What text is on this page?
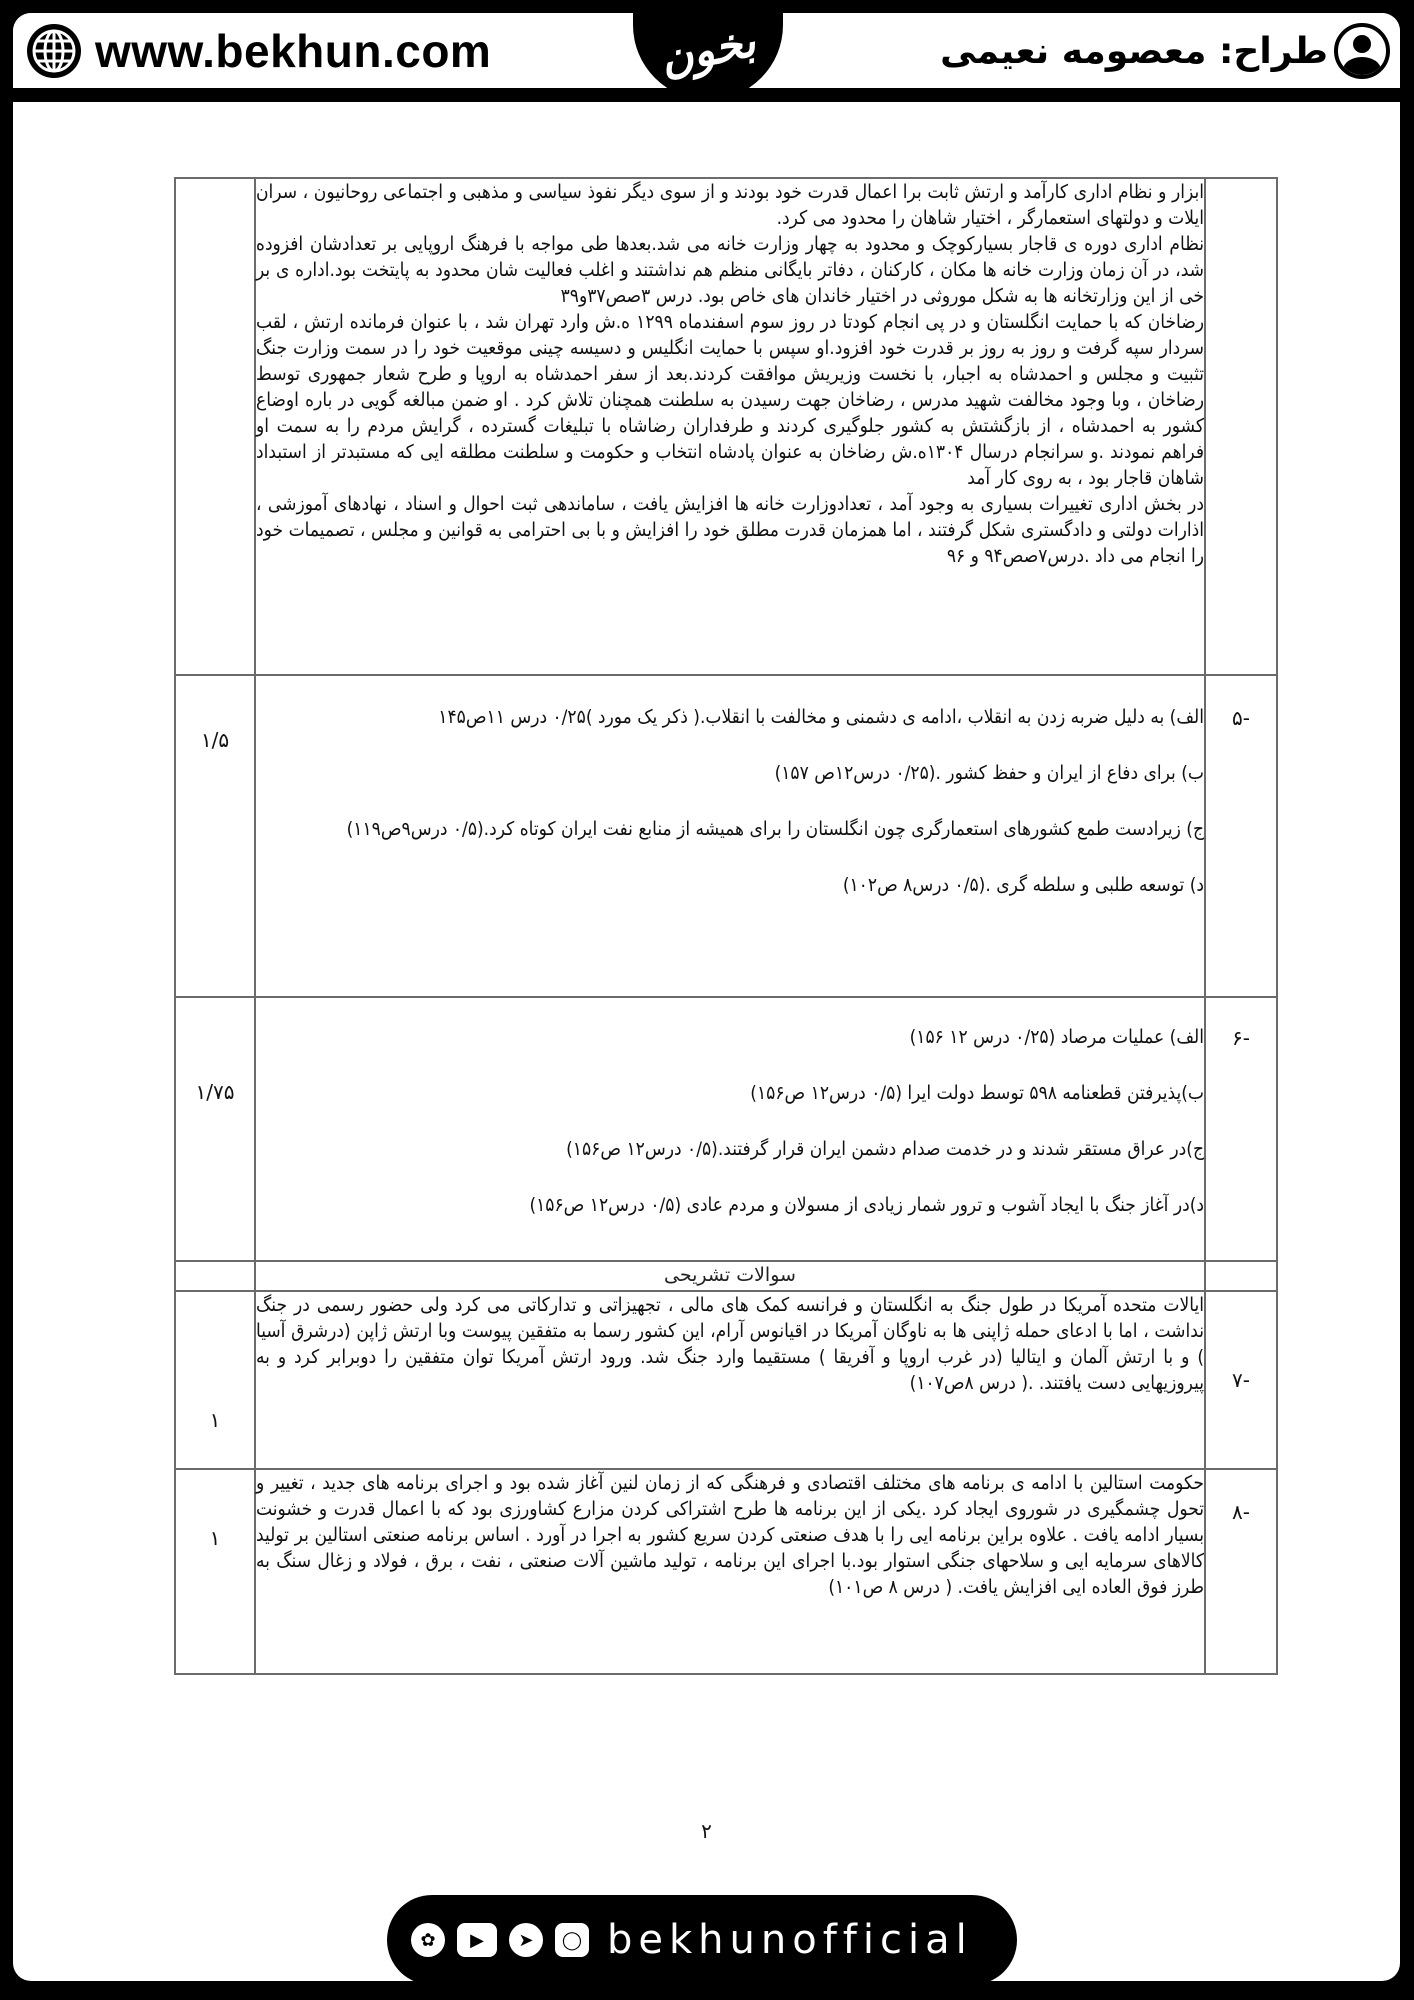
www.bekhun.com	طراح: معصومه نعیمی
بخون

	ابزار و نظام اداری کارآمد و ارتش ثابت برا اعمال قدرت خود بودند و از سوی دیگر نفوذ سیاسی و مذهبی و اجتماعی روحانیون ، سران ایلات و دولتهای استعمارگر ، اختیار شاهان را محدود می کرد.

نظام اداری دوره ی قاجار بسیارکوچک و محدود به چهار وزارت خانه می شد.بعدها طی مواجه با فرهنگ اروپایی بر تعدادشان افزوده شد، در آن زمان وزارت خانه ها مکان ، کارکنان ، دفاتر بایگانی منظم هم نداشتند و اغلب فعالیت شان محدود به پایتخت بود.اداره ی بر خی از این وزارتخانه ها به شکل موروثی در اختیار خاندان های خاص بود. درس ۳صص۳۷و۳۹

رضاخان که با حمایت انگلستان و در پی انجام کودتا در روز سوم اسفندماه ۱۲۹۹ ه.ش وارد تهران شد ، با عنوان فرمانده ارتش ، لقب سردار سپه گرفت و روز به روز بر قدرت خود افزود.او سپس با حمایت انگلیس و دسیسه چینی موقعیت خود را در سمت وزارت جنگ تثبیت و مجلس و احمدشاه به اجبار، با نخست وزیریش موافقت کردند.بعد از سفر احمدشاه به اروپا و طرح شعار جمهوری توسط رضاخان ، وبا وجود مخالفت شهید مدرس ، رضاخان جهت رسیدن به سلطنت همچنان تلاش کرد . او ضمن مبالغه گویی در باره اوضاع کشور به احمدشاه ، از بازگشتش به کشور جلوگیری کردند و طرفداران رضاشاه با تبلیغات گسترده ، گرایش مردم را به سمت او فراهم نمودند .و سرانجام درسال ۱۳۰۴ه.ش رضاخان به عنوان پادشاه انتخاب و حکومت و سلطنت مطلقه ایی که مستبدتر از استبداد شاهان قاجار بود ، به روی کار آمد

در بخش اداری تغییرات بسیاری به وجود آمد ، تعدادوزارت خانه ها افزایش یافت ، ساماندهی ثبت احوال و اسناد ، نهادهای آموزشی ، اذارات دولتی و دادگستری شکل گرفتند ، اما همزمان قدرت مطلق خود را افزایش و با بی احترامی به قوانین و مجلس ، تصمیمات خود را انجام می داد .درس۷صص۹۴ و ۹۶	

-۵	الف) به دلیل ضربه زدن به انقلاب ،ادامه ی دشمنی و مخالفت با انقلاب.( ذکر یک مورد )۰/۲۵ درس ۱۱ص۱۴۵

ب) برای دفاع از ایران و حفظ کشور .(۰/۲۵ درس۱۲ص ۱۵۷)

ج) زیرادست طمع کشورهای استعمارگری چون انگلستان را برای همیشه از منابع نفت ایران کوتاه کرد.(۰/۵ درس۹ص۱۱۹)

د) توسعه طلبی و سلطه گری .(۰/۵ درس۸ ص۱۰۲)	۱/۵
-۶	الف) عملیات مرصاد (۰/۲۵ درس ۱۲ ۱۵۶)

ب)پذیرفتن قطعنامه ۵۹۸ توسط دولت ایرا (۰/۵ درس۱۲ ص۱۵۶)

ج)در عراق مستقر شدند و در خدمت صدام دشمن ایران قرار گرفتند.(۰/۵ درس۱۲ ص۱۵۶)

د)در آغاز جنگ با ایجاد آشوب و ترور شمار زیادی از مسولان و مردم عادی (۰/۵ درس۱۲ ص۱۵۶)	۱/۷۵
	سوالات تشریحی	
-۷	ایالات متحده آمریکا در طول جنگ به انگلستان و فرانسه کمک های مالی ، تجهیزاتی و تدارکاتی می کرد ولی حضور رسمی در جنگ نداشت ، اما با ادعای حمله ژاپنی ها به ناوگان آمریکا در اقیانوس آرام، این کشور رسما به متفقین پیوست وبا ارتش ژاپن (درشرق آسیا ) و با ارتش آلمان و ایتالیا (در غرب اروپا و آفریقا ) مستقیما وارد جنگ شد. ورود ارتش آمریکا توان متفقین را دوبرابر کرد و به پیروزیهایی دست یافتند. .( درس ۸ص۱۰۷)	۱
-۸	حکومت استالین با ادامه ی برنامه های مختلف اقتصادی و فرهنگی که از زمان لنین آغاز شده بود و اجرای برنامه های جدید ، تغییر و تحول چشمگیری در شوروی ایجاد کرد .یکی از این برنامه ها طرح اشتراکی کردن مزارع کشاورزی بود که با اعمال قدرت و خشونت بسیار ادامه یافت . علاوه براین برنامه ایی را با هدف صنعتی کردن سریع کشور به اجرا در آورد . اساس برنامه صنعتی استالین بر تولید کالاهای سرمایه ایی و سلاحهای جنگی استوار بود.با اجرای این برنامه ، تولید ماشین آلات صنعتی ، نفت ، برق ، فولاد و زغال سنگ به طرز فوق العاده ایی افزایش یافت. ( درس ۸ ص۱۰۱)	۱
۲
✿	▶	➤	◯ bekhunofficial
